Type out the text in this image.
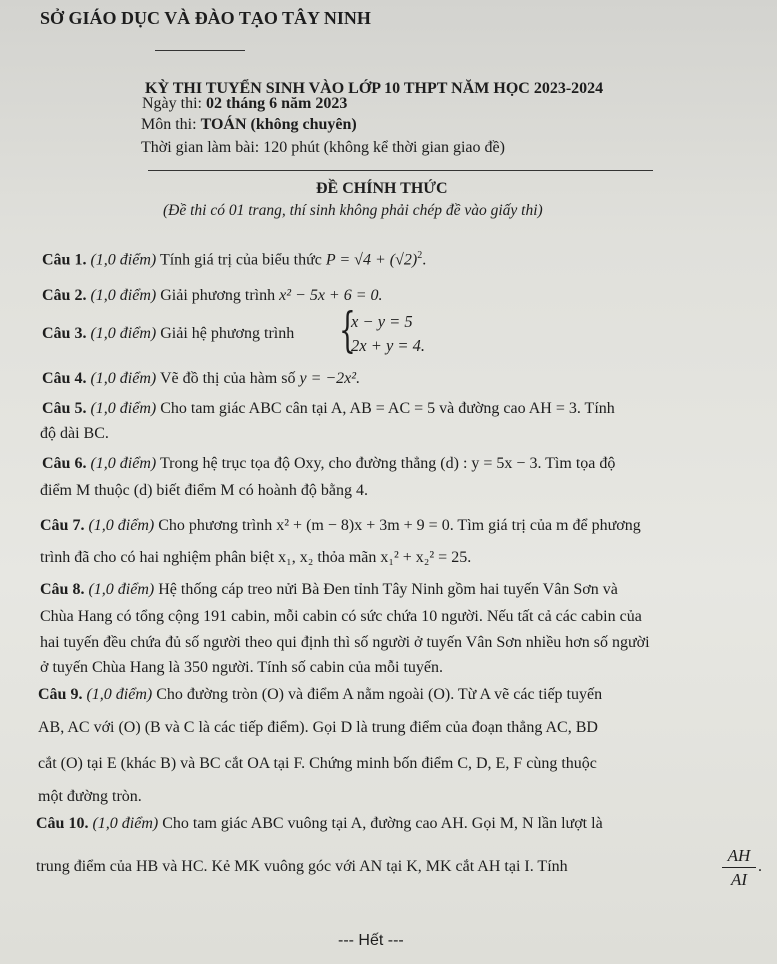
SỞ GIÁO DỤC VÀ ĐÀO TẠO TÂY NINH
KỲ THI TUYỂN SINH VÀO LỚP 10 THPT NĂM HỌC 2023-2024
Ngày thi: 02 tháng 6 năm 2023
Môn thi: TOÁN (không chuyên)
Thời gian làm bài: 120 phút (không kể thời gian giao đề)
ĐỀ CHÍNH THỨC
(Đề thi có 01 trang, thí sinh không phải chép đề vào giấy thi)
Câu 1. (1,0 điểm) Tính giá trị của biểu thức $P = √4 + (√2)^2$.
Câu 2. (1,0 điểm) Giải phương trình x² − 5x + 6 = 0.
Câu 3. (1,0 điểm) Giải hệ phương trình {
x − y = 5
2x + y = 4.
Câu 4. (1,0 điểm) Vẽ đồ thị của hàm số y = −2x².
Câu 5. (1,0 điểm) Cho tam giác ABC cân tại A, AB = AC = 5 và đường cao AH = 3. Tính
độ dài BC.
Câu 6. (1,0 điểm) Trong hệ trục tọa độ Oxy, cho đường thẳng (d) : y = 5x − 3. Tìm tọa độ
điểm M thuộc (d) biết điểm M có hoành độ bằng 4.
Câu 7. (1,0 điểm) Cho phương trình x² + (m − 8)x + 3m + 9 = 0. Tìm giá trị của m để phương
trình đã cho có hai nghiệm phân biệt x₁, x₂ thỏa mãn x₁² + x₂² = 25.
Câu 8. (1,0 điểm) Hệ thống cáp treo nửi Bà Đen tỉnh Tây Ninh gồm hai tuyến Vân Sơn và
Chùa Hang có tổng cộng 191 cabin, mỗi cabin có sức chứa 10 người. Nếu tất cả các cabin của
hai tuyến đều chứa đủ số người theo qui định thì số người ở tuyến Vân Sơn nhiều hơn số người
ở tuyến Chùa Hang là 350 người. Tính số cabin của mỗi tuyến.
Câu 9. (1,0 điểm) Cho đường tròn (O) và điểm A nằm ngoài (O). Từ A vẽ các tiếp tuyến
AB, AC với (O) (B và C là các tiếp điểm). Gọi D là trung điểm của đoạn thẳng AC, BD
cắt (O) tại E (khác B) và BC cắt OA tại F. Chứng minh bốn điểm C, D, E, F cùng thuộc
một đường tròn.
Câu 10. (1,0 điểm) Cho tam giác ABC vuông tại A, đường cao AH. Gọi M, N lần lượt là
trung điểm của HB và HC. Kẻ MK vuông góc với AN tại K, MK cắt AH tại I. Tính
AH
AI
.
--- Hết ---
